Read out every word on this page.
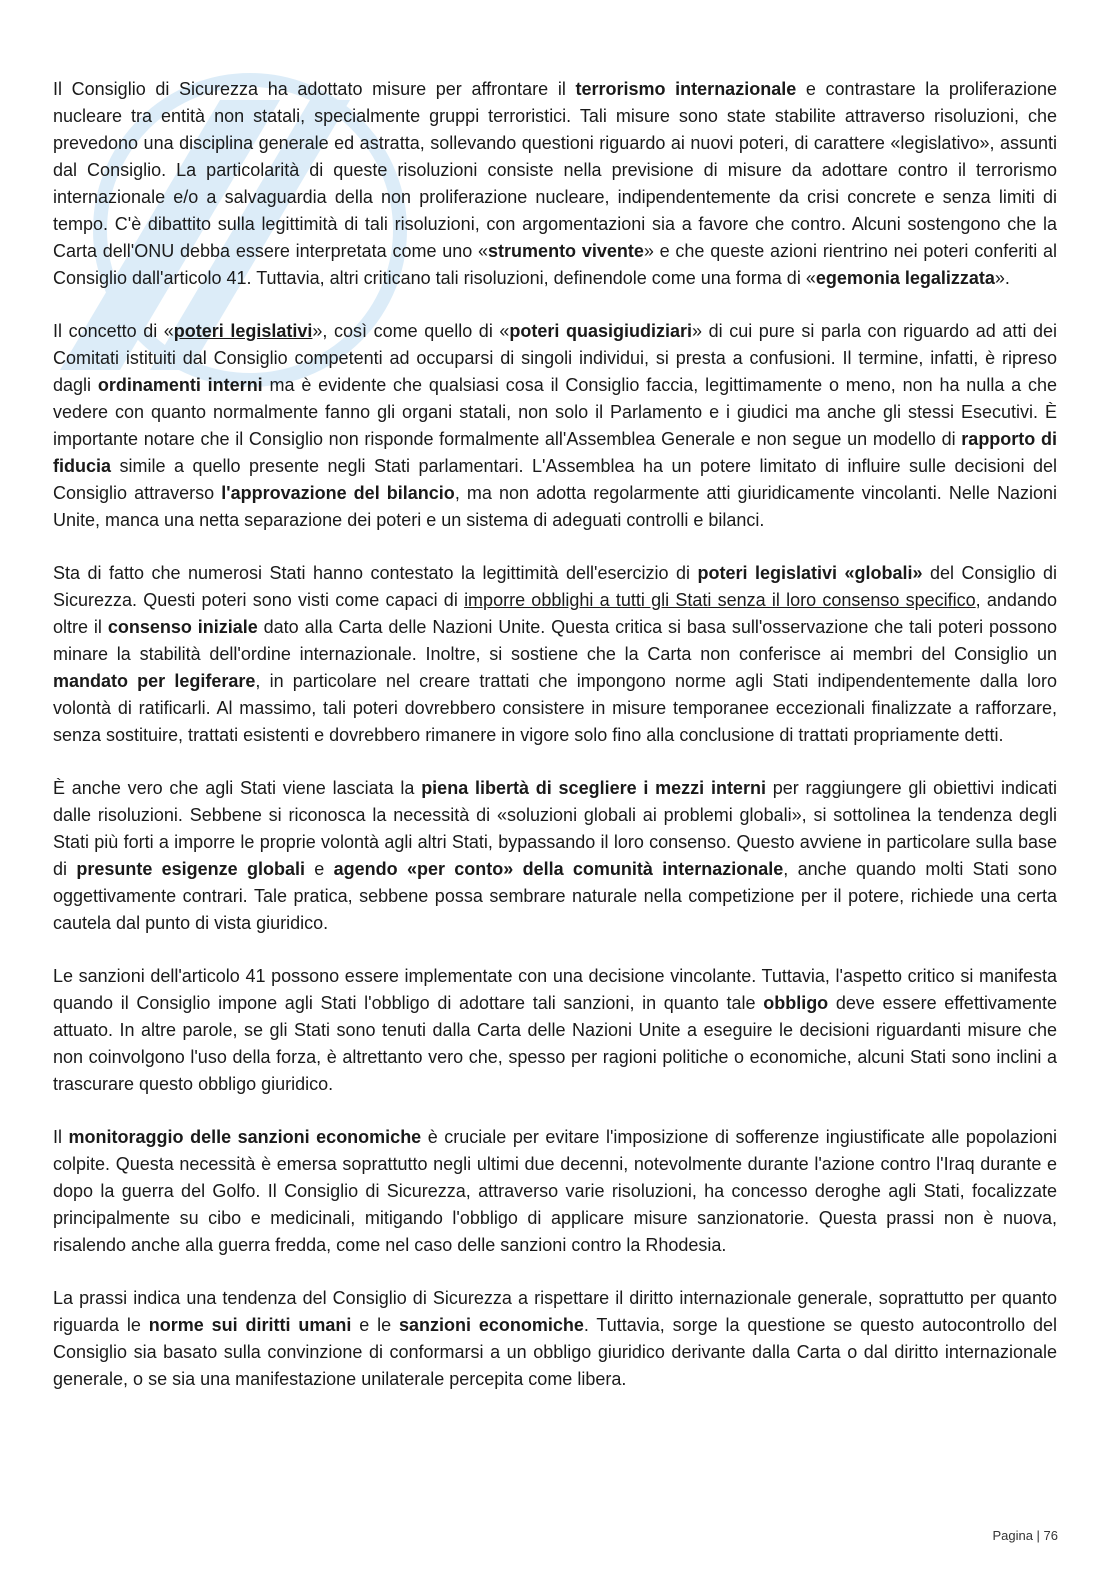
Il Consiglio di Sicurezza ha adottato misure per affrontare il terrorismo internazionale e contrastare la proliferazione nucleare tra entità non statali, specialmente gruppi terroristici. Tali misure sono state stabilite attraverso risoluzioni, che prevedono una disciplina generale ed astratta, sollevando questioni riguardo ai nuovi poteri, di carattere «legislativo», assunti dal Consiglio. La particolarità di queste risoluzioni consiste nella previsione di misure da adottare contro il terrorismo internazionale e/o a salvaguardia della non proliferazione nucleare, indipendentemente da crisi concrete e senza limiti di tempo. C'è dibattito sulla legittimità di tali risoluzioni, con argomentazioni sia a favore che contro. Alcuni sostengono che la Carta dell'ONU debba essere interpretata come uno «strumento vivente» e che queste azioni rientrino nei poteri conferiti al Consiglio dall'articolo 41. Tuttavia, altri criticano tali risoluzioni, definendole come una forma di «egemonia legalizzata».

Il concetto di «poteri legislativi», così come quello di «poteri quasigiudiziari» di cui pure si parla con riguardo ad atti dei Comitati istituiti dal Consiglio competenti ad occuparsi di singoli individui, si presta a confusioni. Il termine, infatti, è ripreso dagli ordinamenti interni ma è evidente che qualsiasi cosa il Consiglio faccia, legittimamente o meno, non ha nulla a che vedere con quanto normalmente fanno gli organi statali, non solo il Parlamento e i giudici ma anche gli stessi Esecutivi. È importante notare che il Consiglio non risponde formalmente all'Assemblea Generale e non segue un modello di rapporto di fiducia simile a quello presente negli Stati parlamentari. L'Assemblea ha un potere limitato di influire sulle decisioni del Consiglio attraverso l'approvazione del bilancio, ma non adotta regolarmente atti giuridicamente vincolanti. Nelle Nazioni Unite, manca una netta separazione dei poteri e un sistema di adeguati controlli e bilanci.

Sta di fatto che numerosi Stati hanno contestato la legittimità dell'esercizio di poteri legislativi «globali» del Consiglio di Sicurezza. Questi poteri sono visti come capaci di imporre obblighi a tutti gli Stati senza il loro consenso specifico, andando oltre il consenso iniziale dato alla Carta delle Nazioni Unite. Questa critica si basa sull'osservazione che tali poteri possono minare la stabilità dell'ordine internazionale. Inoltre, si sostiene che la Carta non conferisce ai membri del Consiglio un mandato per legiferare, in particolare nel creare trattati che impongono norme agli Stati indipendentemente dalla loro volontà di ratificarli. Al massimo, tali poteri dovrebbero consistere in misure temporanee eccezionali finalizzate a rafforzare, senza sostituire, trattati esistenti e dovrebbero rimanere in vigore solo fino alla conclusione di trattati propriamente detti.

È anche vero che agli Stati viene lasciata la piena libertà di scegliere i mezzi interni per raggiungere gli obiettivi indicati dalle risoluzioni. Sebbene si riconosca la necessità di «soluzioni globali ai problemi globali», si sottolinea la tendenza degli Stati più forti a imporre le proprie volontà agli altri Stati, bypassando il loro consenso. Questo avviene in particolare sulla base di presunte esigenze globali e agendo «per conto» della comunità internazionale, anche quando molti Stati sono oggettivamente contrari. Tale pratica, sebbene possa sembrare naturale nella competizione per il potere, richiede una certa cautela dal punto di vista giuridico.

Le sanzioni dell'articolo 41 possono essere implementate con una decisione vincolante. Tuttavia, l'aspetto critico si manifesta quando il Consiglio impone agli Stati l'obbligo di adottare tali sanzioni, in quanto tale obbligo deve essere effettivamente attuato. In altre parole, se gli Stati sono tenuti dalla Carta delle Nazioni Unite a eseguire le decisioni riguardanti misure che non coinvolgono l'uso della forza, è altrettanto vero che, spesso per ragioni politiche o economiche, alcuni Stati sono inclini a trascurare questo obbligo giuridico.

Il monitoraggio delle sanzioni economiche è cruciale per evitare l'imposizione di sofferenze ingiustificate alle popolazioni colpite. Questa necessità è emersa soprattutto negli ultimi due decenni, notevolmente durante l'azione contro l'Iraq durante e dopo la guerra del Golfo. Il Consiglio di Sicurezza, attraverso varie risoluzioni, ha concesso deroghe agli Stati, focalizzate principalmente su cibo e medicinali, mitigando l'obbligo di applicare misure sanzionatorie. Questa prassi non è nuova, risalendo anche alla guerra fredda, come nel caso delle sanzioni contro la Rhodesia.

La prassi indica una tendenza del Consiglio di Sicurezza a rispettare il diritto internazionale generale, soprattutto per quanto riguarda le norme sui diritti umani e le sanzioni economiche. Tuttavia, sorge la questione se questo autocontrollo del Consiglio sia basato sulla convinzione di conformarsi a un obbligo giuridico derivante dalla Carta o dal diritto internazionale generale, o se sia una manifestazione unilaterale percepita come libera.

Pagina | 76
